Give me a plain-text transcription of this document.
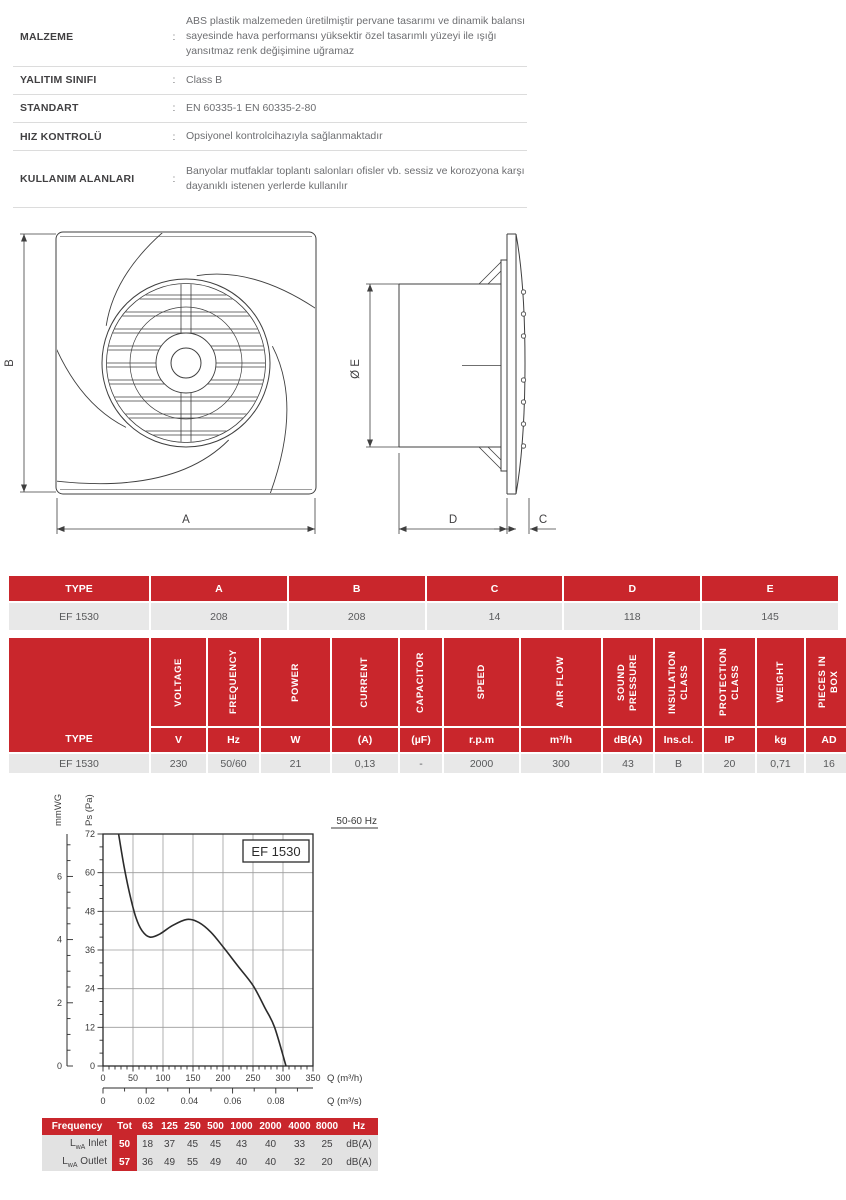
MALZEME	:
ABS plastik malzemeden üretilmiştir pervane tasarımı ve dinamik balansı sayesinde hava performansı yüksektir özel tasarımlı yüzeyi ile ışığı yansıtmaz renk değişimine uğramaz
YALITIM SINIFI	:	Class B
STANDART	:	EN 60335-1 EN 60335-2-80
HIZ KONTROLÜ	:	Opsiyonel kontrolcihazıyla sağlanmaktadır
KULLANIM ALANLARI	:
Banyolar mutfaklar toplantı salonları ofisler vb. sessiz ve korozyona karşı dayanıklı istenen yerlerde kullanılır
B
A
Ø E
D	C
TYPE	A	B	C	D	E
EF 1530	208	208	14	118	145
TYPE	VOLTAGE	FREQUENCY	POWER	CURRENT	CAPACITOR	SPEED	AIR FLOW	SOUND PRESSURE	INSULATION CLASS	PROTECTION CLASS	WEIGHT	PIECES IN BOX

	V	Hz	W	(A)	(µF)	r.p.m	m³/h	dB(A)	Ins.cl.	IP	kg	AD
EF 1530	230	50/60	21	0,13	-	2000	300	43	B	20	0,71	16
0 50 100 150 200 250 300 350
0
12
24
36
48
60
72
0
2
4
6
0	0.02	0.04	0.06	0.08
Q (m³/h)
Q (m³/s)
Ps (Pa)
mmWG	50-60 Hz
EF 1530
Frequency	Tot	63	125	250	500	1000	2000	4000	8000	Hz
$L_{wA}$ Inlet	50	18	37	45	45	43	40	33	25	dB(A)
$L_{wA}$ Outlet	57	36	49	55	49	40	40	32	20	dB(A)
